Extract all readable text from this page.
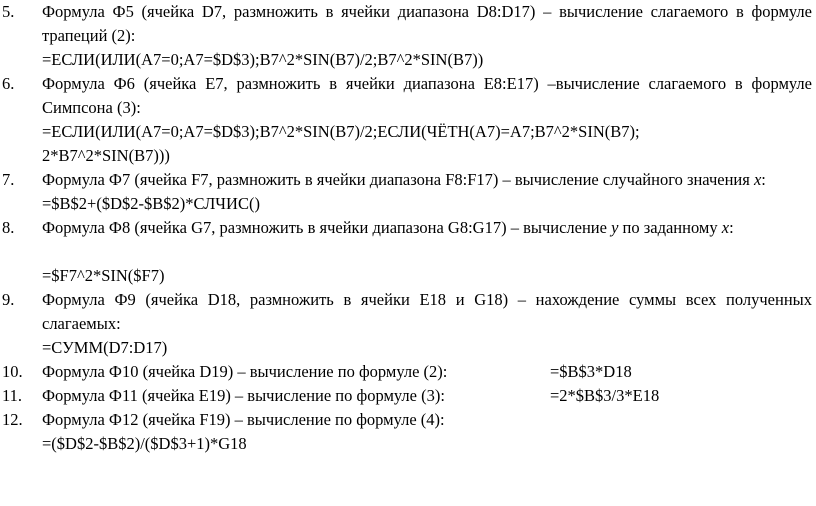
5. Формула Ф5 (ячейка D7, размножить в ячейки диапазона D8:D17) – вычисление слагаемого в формуле трапеций (2):
=ЕСЛИ(ИЛИ(A7=0;A7=$D$3);B7^2*SIN(B7)/2;B7^2*SIN(B7))
6. Формула Ф6 (ячейка E7, размножить в ячейки диапазона E8:E17) –вычисление слагаемого в формуле Симпсона (3):
=ЕСЛИ(ИЛИ(A7=0;A7=$D$3);B7^2*SIN(B7)/2;ЕСЛИ(ЧЁТН(A7)=A7;B7^2*SIN(B7);
2*B7^2*SIN(B7)))
7. Формула Ф7 (ячейка F7, размножить в ячейки диапазона F8:F17) – вычисление случайного значения x:
=$B$2+($D$2-$B$2)*СЛЧИС()
8. Формула Ф8 (ячейка G7, размножить в ячейки диапазона G8:G17) – вычисление y по заданному x:
=$F7^2*SIN($F7)
9. Формула Ф9 (ячейка D18, размножить в ячейки E18 и G18) – нахождение суммы всех полученных слагаемых:
=СУММ(D7:D17)
10. Формула Ф10 (ячейка D19) – вычисление по формуле (2):	=$B$3*D18
11. Формула Ф11 (ячейка E19) – вычисление по формуле (3):	=2*$B$3/3*E18
12. Формула Ф12 (ячейка F19) – вычисление по формуле (4):
=($D$2-$B$2)/($D$3+1)*G18
